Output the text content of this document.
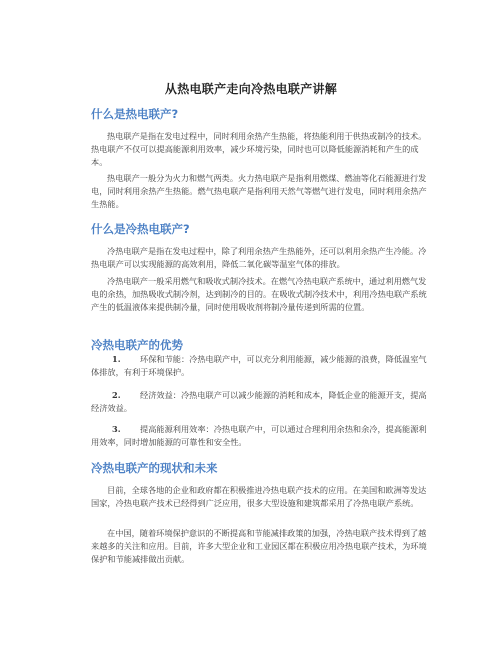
从热电联产走向冷热电联产讲解
什么是热电联产?

热电联产是指在发电过程中，同时利用余热产生热能，将热能利用于供热或制冷的技术。热电联产不仅可以提高能源利用效率，减少环境污染，同时也可以降低能源消耗和产生的成本。

热电联产一般分为火力和燃气两类。火力热电联产是指利用燃煤、燃油等化石能源进行发电，同时利用余热产生热能。燃气热电联产是指利用天然气等燃气进行发电，同时利用余热产生热能。

什么是冷热电联产?

冷热电联产是指在发电过程中，除了利用余热产生热能外，还可以利用余热产生冷能。冷热电联产可以实现能源的高效利用，降低二氧化碳等温室气体的排放。

冷热电联产一般采用燃气和吸收式制冷技术。在燃气冷热电联产系统中，通过利用燃气发电的余热，加热吸收式制冷剂，达到制冷的目的。在吸收式制冷技术中，利用冷热电联产系统产生的低温液体来提供制冷量，同时使用吸收剂将制冷量传递到所需的位置。

冷热电联产的优势

1. 环保和节能：冷热电联产中，可以充分利用能源，减少能源的浪费，降低温室气体排放，有利于环境保护。

2. 经济效益：冷热电联产可以减少能源的消耗和成本，降低企业的能源开支，提高经济效益。

3. 提高能源利用效率：冷热电联产中，可以通过合理利用余热和余冷，提高能源利用效率，同时增加能源的可靠性和安全性。

冷热电联产的现状和未来

目前，全球各地的企业和政府都在积极推进冷热电联产技术的应用。在美国和欧洲等发达国家，冷热电联产技术已经得到广泛应用，很多大型设施和建筑都采用了冷热电联产系统。

在中国，随着环境保护意识的不断提高和节能减排政策的加强，冷热电联产技术得到了越来越多的关注和应用。目前，许多大型企业和工业园区都在积极应用冷热电联产技术，为环境保护和节能减排做出贡献。
